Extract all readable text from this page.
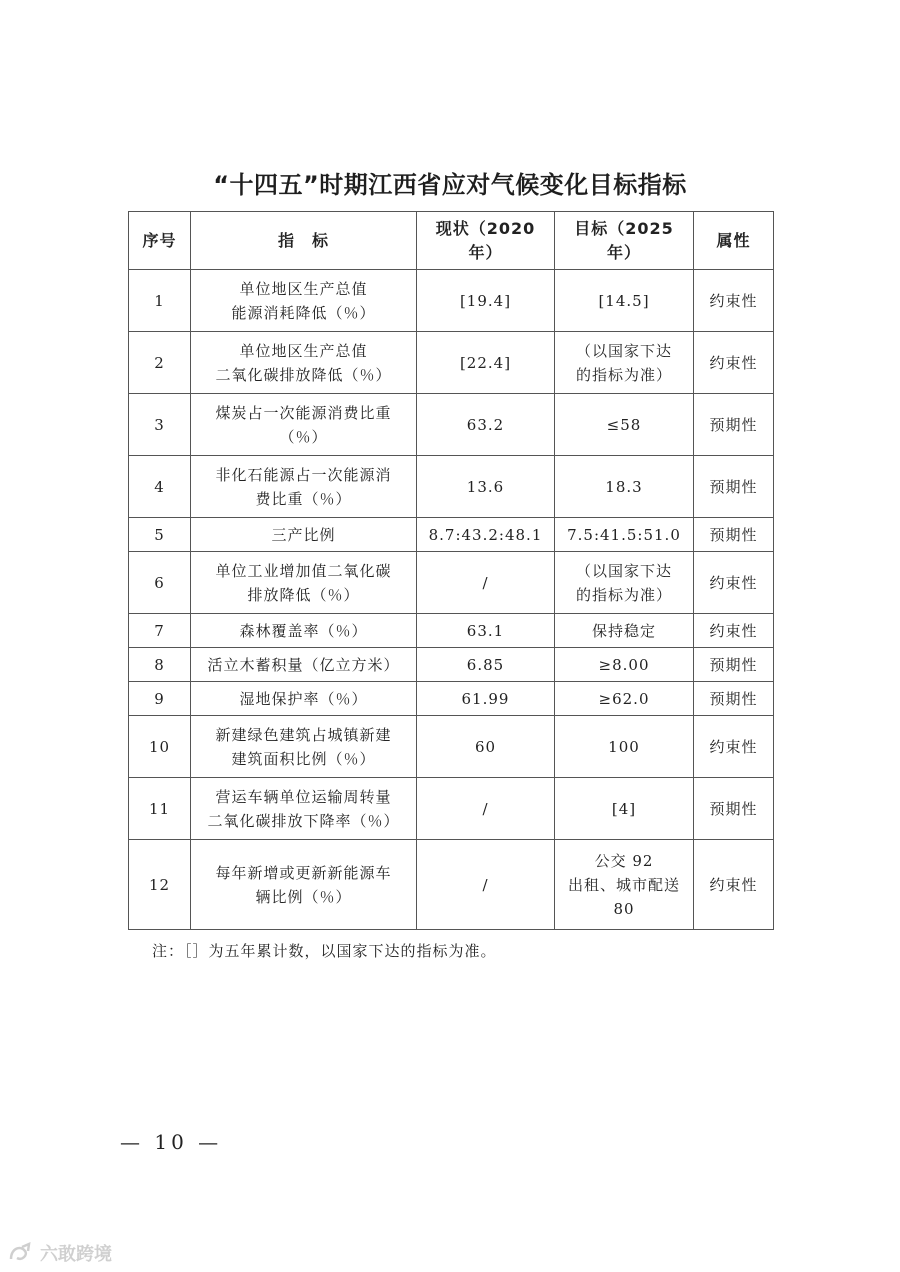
“十四五”时期江西省应对气候变化目标指标
序号	指　标	现状（2020 年）	目标（2025 年）	属性
1	单位地区生产总值
能源消耗降低（％）	[19.4]	[14.5]	约束性
2	单位地区生产总值
二氧化碳排放降低（％）	[22.4]	（以国家下达
的指标为准）	约束性
3	煤炭占一次能源消费比重
（％）	63.2	≤58	预期性
4	非化石能源占一次能源消
费比重（％）	13.6	18.3	预期性
5	三产比例	8.7:43.2:48.1	7.5:41.5:51.0	预期性
6	单位工业增加值二氧化碳
排放降低（％）	/	（以国家下达
的指标为准）	约束性
7	森林覆盖率（％）	63.1	保持稳定	约束性
8	活立木蓄积量（亿立方米）	6.85	≥8.00	预期性
9	湿地保护率（％）	61.99	≥62.0	预期性
10	新建绿色建筑占城镇新建
建筑面积比例（％）	60	100	约束性
11	营运车辆单位运输周转量
二氧化碳排放下降率（％）	/	[4]	预期性
12	每年新增或更新新能源车
辆比例（％）	/	公交 92
出租、城市配送
80	约束性
注：［］为五年累计数，以国家下达的指标为准。
— 10 —
六敢跨境
